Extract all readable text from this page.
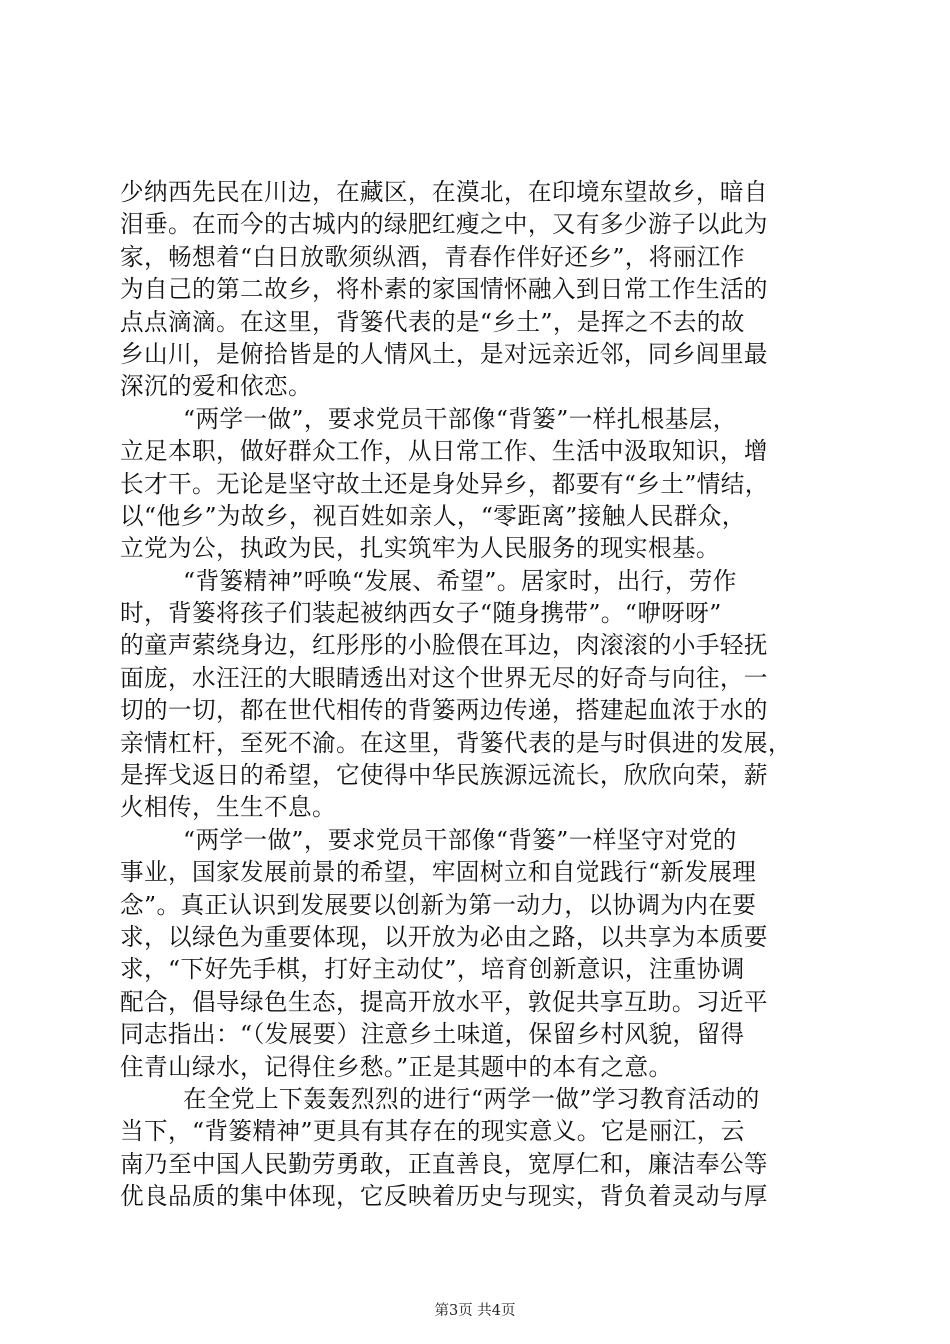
少纳西先民在川边，在藏区，在漠北，在印境东望故乡，暗自
泪垂。在而今的古城内的绿肥红瘦之中，又有多少游子以此为
家，畅想着“白日放歌须纵酒，青春作伴好还乡”，将丽江作
为自己的第二故乡，将朴素的家国情怀融入到日常工作生活的
点点滴滴。在这里，背篓代表的是“乡土”，是挥之不去的故
乡山川，是俯拾皆是的人情风土，是对远亲近邻，同乡闾里最
深沉的爱和依恋。
“两学一做”，要求党员干部像“背篓”一样扎根基层，
立足本职，做好群众工作，从日常工作、生活中汲取知识，增
长才干。无论是坚守故土还是身处异乡，都要有“乡土”情结，
以“他乡”为故乡，视百姓如亲人，“零距离”接触人民群众，
立党为公，执政为民，扎实筑牢为人民服务的现实根基。
“背篓精神”呼唤“发展、希望”。居家时，出行，劳作
时，背篓将孩子们装起被纳西女子“随身携带”。“咿呀呀”
的童声萦绕身边，红彤彤的小脸偎在耳边，肉滚滚的小手轻抚
面庞，水汪汪的大眼睛透出对这个世界无尽的好奇与向往，一
切的一切，都在世代相传的背篓两边传递，搭建起血浓于水的
亲情杠杆，至死不渝。在这里，背篓代表的是与时俱进的发展，
是挥戈返日的希望，它使得中华民族源远流长，欣欣向荣，薪
火相传，生生不息。
“两学一做”，要求党员干部像“背篓”一样坚守对党的
事业，国家发展前景的希望，牢固树立和自觉践行“新发展理
念”。真正认识到发展要以创新为第一动力，以协调为内在要
求，以绿色为重要体现，以开放为必由之路，以共享为本质要
求，“下好先手棋，打好主动仗”，培育创新意识，注重协调
配合，倡导绿色生态，提高开放水平，敦促共享互助。习近平
同志指出：“（发展要）注意乡土味道，保留乡村风貌，留得
住青山绿水，记得住乡愁。”正是其题中的本有之意。
在全党上下轰轰烈烈的进行“两学一做”学习教育活动的
当下，“背篓精神”更具有其存在的现实意义。它是丽江，云
南乃至中国人民勤劳勇敢，正直善良，宽厚仁和，廉洁奉公等
优良品质的集中体现，它反映着历史与现实，背负着灵动与厚
第3页 共4页
